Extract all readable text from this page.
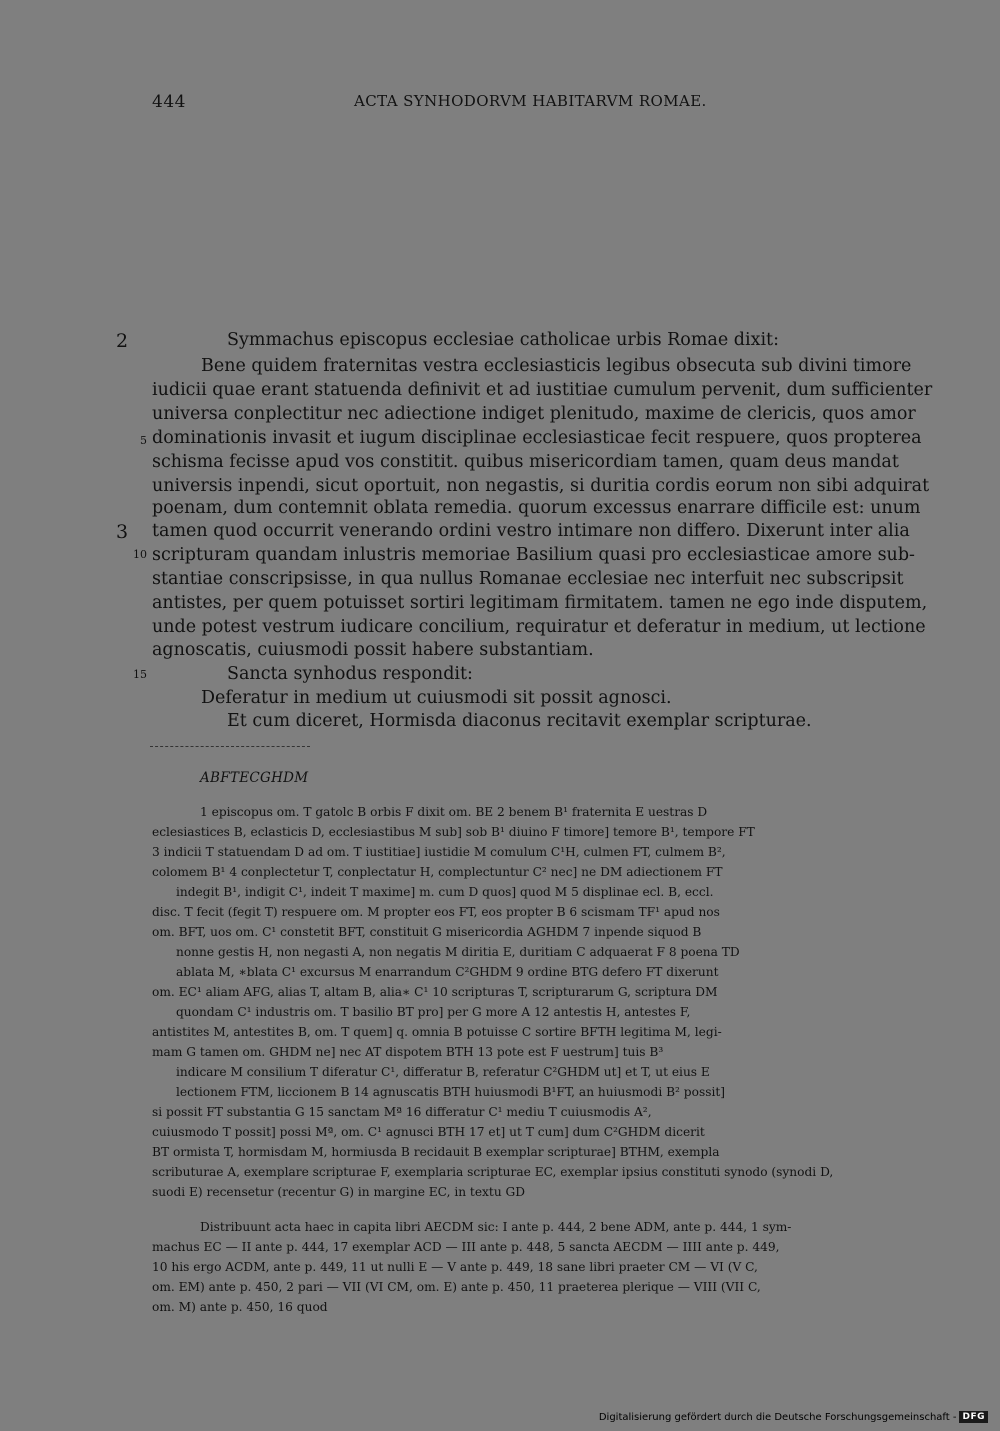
444	ACTA SYNHODORVM HABITARVM ROMAE.
2
3
5
10
15
Symmachus episcopus ecclesiae catholicae urbis Romae dixit:
Bene quidem fraternitas vestra ecclesiasticis legibus obsecuta sub divini timore
iudicii quae erant statuenda definivit et ad iustitiae cumulum pervenit, dum sufficienter
universa conplectitur nec adiectione indiget plenitudo, maxime de clericis, quos amor
dominationis invasit et iugum disciplinae ecclesiasticae fecit respuere, quos propterea
schisma fecisse apud vos constitit. quibus misericordiam tamen, quam deus mandat
universis inpendi, sicut oportuit, non negastis, si duritia cordis eorum non sibi adquirat
poenam, dum contemnit oblata remedia. quorum excessus enarrare difficile est: unum
tamen quod occurrit venerando ordini vestro intimare non differo. Dixerunt inter alia
scripturam quandam inlustris memoriae Basilium quasi pro ecclesiasticae amore sub-
stantiae conscripsisse, in qua nullus Romanae ecclesiae nec interfuit nec subscripsit
antistes, per quem potuisset sortiri legitimam firmitatem. tamen ne ego inde disputem,
unde potest vestrum iudicare concilium, requiratur et deferatur in medium, ut lectione
agnoscatis, cuiusmodi possit habere substantiam.
Sancta synhodus respondit:
Deferatur in medium ut cuiusmodi sit possit agnosci.
Et cum diceret, Hormisda diaconus recitavit exemplar scripturae.
ABFTECGHDM
1 episcopus om. T gatolc B orbis F dixit om. BE 2 benem B¹ fraternita E uestras D
eclesiastices B, eclasticis D, ecclesiastibus M sub] sob B¹ diuino F timore] temore B¹, tempore FT
3 indicii T statuendam D ad om. T iustitiae] iustidie M comulum C¹H, culmen FT, culmem B²,
colomem B¹ 4 conplectetur T, conplectatur H, complectuntur C² nec] ne DM adiectionem FT
indegit B¹, indigit C¹, indeit T maxime] m. cum D quos] quod M 5 displinae ecl. B, eccl.
disc. T fecit (fegit T) respuere om. M propter eos FT, eos propter B 6 scismam TF¹ apud nos
om. BFT, uos om. C¹ constetit BFT, constituit G misericordia AGHDM 7 inpende siquod B
nonne gestis H, non negasti A, non negatis M diritia E, duritiam C adquaerat F 8 poena TD
ablata M, ∗blata C¹ excursus M enarrandum C²GHDM 9 ordine BTG defero FT dixerunt
om. EC¹ aliam AFG, alias T, altam B, alia∗ C¹ 10 scripturas T, scripturarum G, scriptura DM
quondam C¹ industris om. T basilio BT pro] per G more A 12 antestis H, antestes F,
antistites M, antestites B, om. T quem] q. omnia B potuisse C sortire BFTH legitima M, legi-
mam G tamen om. GHDM ne] nec AT dispotem BTH 13 pote est F uestrum] tuis B³
indicare M consilium T diferatur C¹, differatur B, referatur C²GHDM ut] et T, ut eius E
lectionem FTM, liccionem B 14 agnuscatis BTH huiusmodi B¹FT, an huiusmodi B² possit]
si possit FT substantia G 15 sanctam Mª 16 differatur C¹ mediu T cuiusmodis A²,
cuiusmodo T possit] possi Mª, om. C¹ agnusci BTH 17 et] ut T cum] dum C²GHDM dicerit
BT ormista T, hormisdam M, hormiusda B recidauit B exemplar scripturae] BTHM, exempla
scributurae A, exemplare scripturae F, exemplaria scripturae EC, exemplar ipsius constituti synodo (synodi D,
suodi E) recensetur (recentur G) in margine EC, in textu GD
Distribuunt acta haec in capita libri AECDM sic: I ante p. 444, 2 bene ADM, ante p. 444, 1 sym-
machus EC — II ante p. 444, 17 exemplar ACD — III ante p. 448, 5 sancta AECDM — IIII ante p. 449,
10 his ergo ACDM, ante p. 449, 11 ut nulli E — V ante p. 449, 18 sane libri praeter CM — VI (V C,
om. EM) ante p. 450, 2 pari — VII (VI CM, om. E) ante p. 450, 11 praeterea plerique — VIII (VII C,
om. M) ante p. 450, 16 quod
Digitalisierung gefördert durch die Deutsche Forschungsgemeinschaft - DFG
